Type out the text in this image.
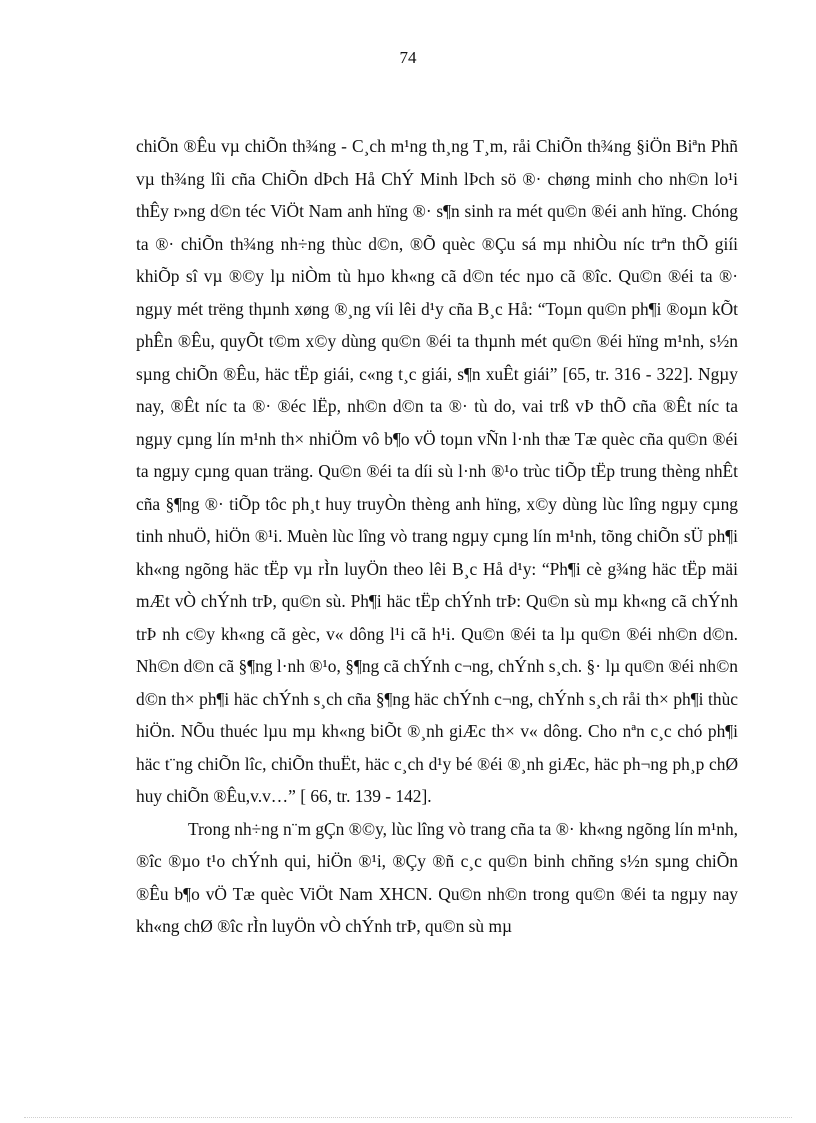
74

chiÕn ®Êu vµ chiÕn th¾ng - C¸ch m¹ng th¸ng T¸m, råi ChiÕn th¾ng §iÖn Biªn Phñ vµ th¾ng lîi cña ChiÕn dÞch Hå ChÝ Minh lÞch sö ®· chøng minh cho nh©n lo¹i thÊy r»ng d©n téc ViÖt Nam anh hïng ®· s¶n sinh ra mét qu©n ®éi anh hïng. Chóng ta ®· chiÕn th¾ng nh÷ng thùc d©n, ®Õ quèc ®Çu sá mµ nhiÒu níc trªn thÕ giíi khiÕp sî vµ ®©y lµ niÒm tù hµo kh«ng cã d©n téc nµo cã ®îc. Qu©n ®éi ta ®· ngµy mét trëng thµnh xøng ®¸ng víi lêi d¹y cña B¸c Hå: “Toµn qu©n ph¶i ®oµn kÕt phÊn ®Êu, quyÕt t©m x©y dùng qu©n ®éi ta thµnh mét qu©n ®éi hïng m¹nh, s½n sµng chiÕn ®Êu, häc tËp giái, c«ng t¸c giái, s¶n xuÊt giái” [65, tr. 316 - 322]. Ngµy nay, ®Êt níc ta ®· ®éc lËp, nh©n d©n ta ®· tù do, vai trß vÞ thÕ cña ®Êt níc ta ngµy cµng lín m¹nh th× nhiÖm vô b¶o vÖ toµn vÑn l·nh thæ Tæ quèc cña qu©n ®éi ta ngµy cµng quan träng. Qu©n ®éi ta díi sù l·nh ®¹o trùc tiÕp tËp trung thèng nhÊt cña §¶ng ®· tiÕp tôc ph¸t huy truyÒn thèng anh hïng, x©y dùng lùc lîng ngµy cµng tinh nhuÖ, hiÖn ®¹i. Muèn lùc lîng vò trang ngµy cµng lín m¹nh, tõng chiÕn sÜ ph¶i kh«ng ngõng häc tËp vµ rÌn luyÖn theo lêi B¸c Hå d¹y: “Ph¶i cè g¾ng häc tËp mäi mÆt vÒ chÝnh trÞ, qu©n sù. Ph¶i häc tËp chÝnh trÞ: Qu©n sù mµ kh«ng cã chÝnh trÞ nh c©y kh«ng cã gèc, v« dông l¹i cã h¹i. Qu©n ®éi ta lµ qu©n ®éi nh©n d©n. Nh©n d©n cã §¶ng l·nh ®¹o, §¶ng cã chÝnh c¬ng, chÝnh s¸ch. §· lµ qu©n ®éi nh©n d©n th× ph¶i häc chÝnh s¸ch cña §¶ng häc chÝnh c¬ng, chÝnh s¸ch råi th× ph¶i thùc hiÖn. NÕu thuéc lµu mµ kh«ng biÕt ®¸nh giÆc th× v« dông. Cho nªn c¸c chó ph¶i häc t¨ng chiÕn lîc, chiÕn thuËt, häc c¸ch d¹y bé ®éi ®¸nh giÆc, häc ph¬ng ph¸p chØ huy chiÕn ®Êu,v.v…” [ 66, tr. 139 - 142].

Trong nh÷ng n¨m gÇn ®©y, lùc lîng vò trang cña ta ®· kh«ng ngõng lín m¹nh, ®îc ®µo t¹o chÝnh qui, hiÖn ®¹i, ®Çy ®ñ c¸c qu©n binh chñng s½n sµng chiÕn ®Êu b¶o vÖ Tæ quèc ViÖt Nam XHCN. Qu©n nh©n trong qu©n ®éi ta ngµy nay kh«ng chØ ®îc rÌn luyÖn vÒ chÝnh trÞ, qu©n sù mµ
